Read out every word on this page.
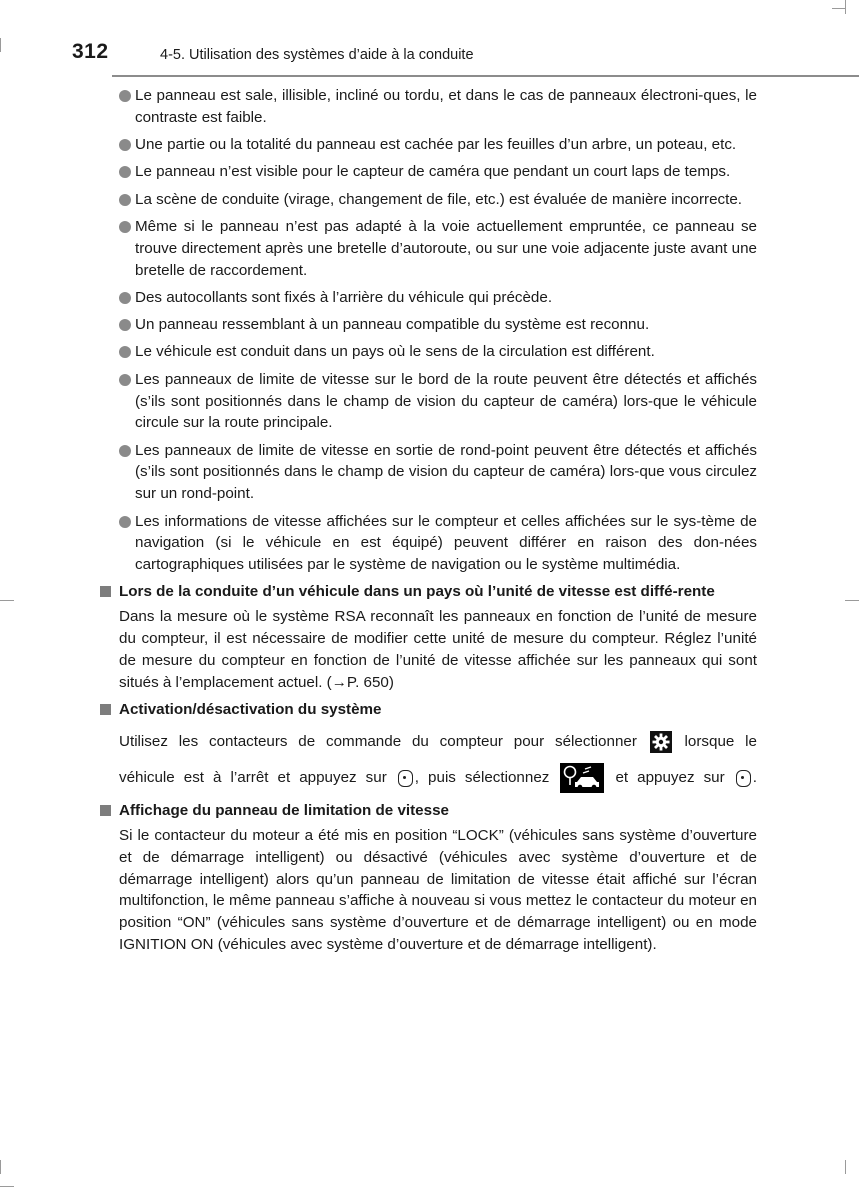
312	4-5. Utilisation des systèmes d’aide à la conduite
Le panneau est sale, illisible, incliné ou tordu, et dans le cas de panneaux électroni-ques, le contraste est faible.
Une partie ou la totalité du panneau est cachée par les feuilles d’un arbre, un poteau, etc.
Le panneau n’est visible pour le capteur de caméra que pendant un court laps de temps.
La scène de conduite (virage, changement de file, etc.) est évaluée de manière incorrecte.
Même si le panneau n’est pas adapté à la voie actuellement empruntée, ce panneau se trouve directement après une bretelle d’autoroute, ou sur une voie adjacente juste avant une bretelle de raccordement.
Des autocollants sont fixés à l’arrière du véhicule qui précède.
Un panneau ressemblant à un panneau compatible du système est reconnu.
Le véhicule est conduit dans un pays où le sens de la circulation est différent.
Les panneaux de limite de vitesse sur le bord de la route peuvent être détectés et affichés (s’ils sont positionnés dans le champ de vision du capteur de caméra) lors-que le véhicule circule sur la route principale.
Les panneaux de limite de vitesse en sortie de rond-point peuvent être détectés et affichés (s’ils sont positionnés dans le champ de vision du capteur de caméra) lors-que vous circulez sur un rond-point.
Les informations de vitesse affichées sur le compteur et celles affichées sur le sys-tème de navigation (si le véhicule en est équipé) peuvent différer en raison des don-nées cartographiques utilisées par le système de navigation ou le système multimédia.
Lors de la conduite d’un véhicule dans un pays où l’unité de vitesse est diffé-rente
Dans la mesure où le système RSA reconnaît les panneaux en fonction de l’unité de mesure du compteur, il est nécessaire de modifier cette unité de mesure du compteur. Réglez l’unité de mesure du compteur en fonction de l’unité de vitesse affichée sur les panneaux qui sont situés à l’emplacement actuel. (→P. 650)
Activation/désactivation du système
Utilisez les contacteurs de commande du compteur pour sélectionner	lorsque le
véhicule est à l’arrêt et appuyez sur , puis sélectionnez	et appuyez sur .
Affichage du panneau de limitation de vitesse
Si le contacteur du moteur a été mis en position “LOCK” (véhicules sans système d’ouverture et de démarrage intelligent) ou désactivé (véhicules avec système d’ouverture et de démarrage intelligent) alors qu’un panneau de limitation de vitesse était affiché sur l’écran multifonction, le même panneau s’affiche à nouveau si vous mettez le contacteur du moteur en position “ON” (véhicules sans système d’ouverture et de démarrage intelligent) ou en mode IGNITION ON (véhicules avec système d’ouverture et de démarrage intelligent).
